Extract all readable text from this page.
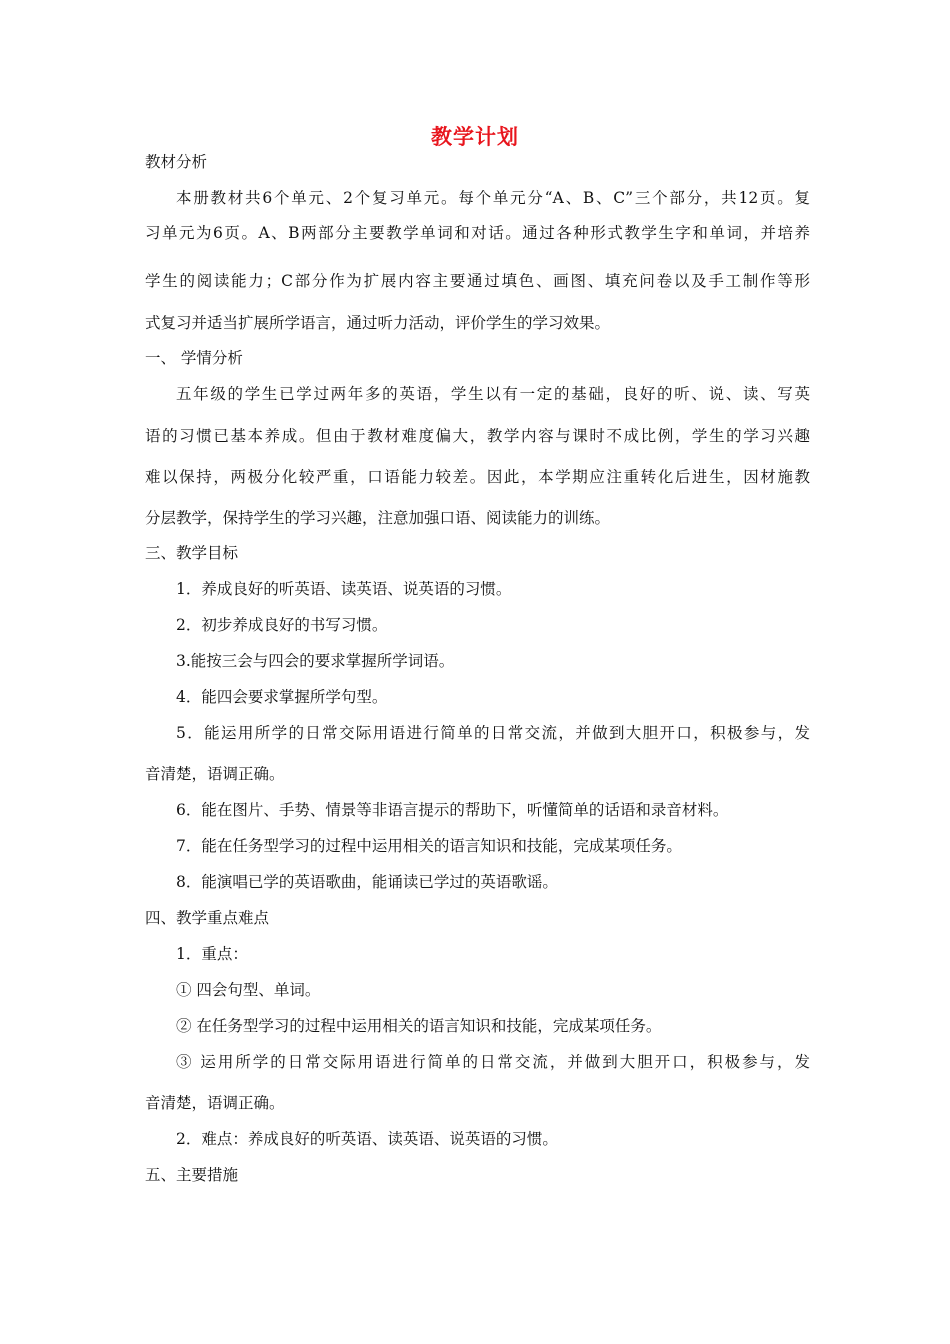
教学计划
教材分析
本册教材共6个单元、2个复习单元。每个单元分“A、B、C”三个部分，共12页。复
习单元为6页。A、B两部分主要教学单词和对话。通过各种形式教学生字和单词，并培养
学生的阅读能力；C部分作为扩展内容主要通过填色、画图、填充问卷以及手工制作等形
式复习并适当扩展所学语言，通过听力活动，评价学生的学习效果。
一、 学情分析
五年级的学生已学过两年多的英语，学生以有一定的基础，良好的听、说、读、写英
语的习惯已基本养成。但由于教材难度偏大，教学内容与课时不成比例，学生的学习兴趣
难以保持，两极分化较严重，口语能力较差。因此，本学期应注重转化后进生，因材施教
分层教学，保持学生的学习兴趣，注意加强口语、阅读能力的训练。
三、教学目标
1．养成良好的听英语、读英语、说英语的习惯。
2．初步养成良好的书写习惯。
3.能按三会与四会的要求掌握所学词语。
4．能四会要求掌握所学句型。
5．能运用所学的日常交际用语进行简单的日常交流，并做到大胆开口，积极参与，发
音清楚，语调正确。
6．能在图片、手势、情景等非语言提示的帮助下，听懂简单的话语和录音材料。
7．能在任务型学习的过程中运用相关的语言知识和技能，完成某项任务。
8．能演唱已学的英语歌曲，能诵读已学过的英语歌谣。
四、教学重点难点
1．重点：
① 四会句型、单词。
② 在任务型学习的过程中运用相关的语言知识和技能，完成某项任务。
③ 运用所学的日常交际用语进行简单的日常交流，并做到大胆开口，积极参与，发
音清楚，语调正确。
2．难点：养成良好的听英语、读英语、说英语的习惯。
五、主要措施
